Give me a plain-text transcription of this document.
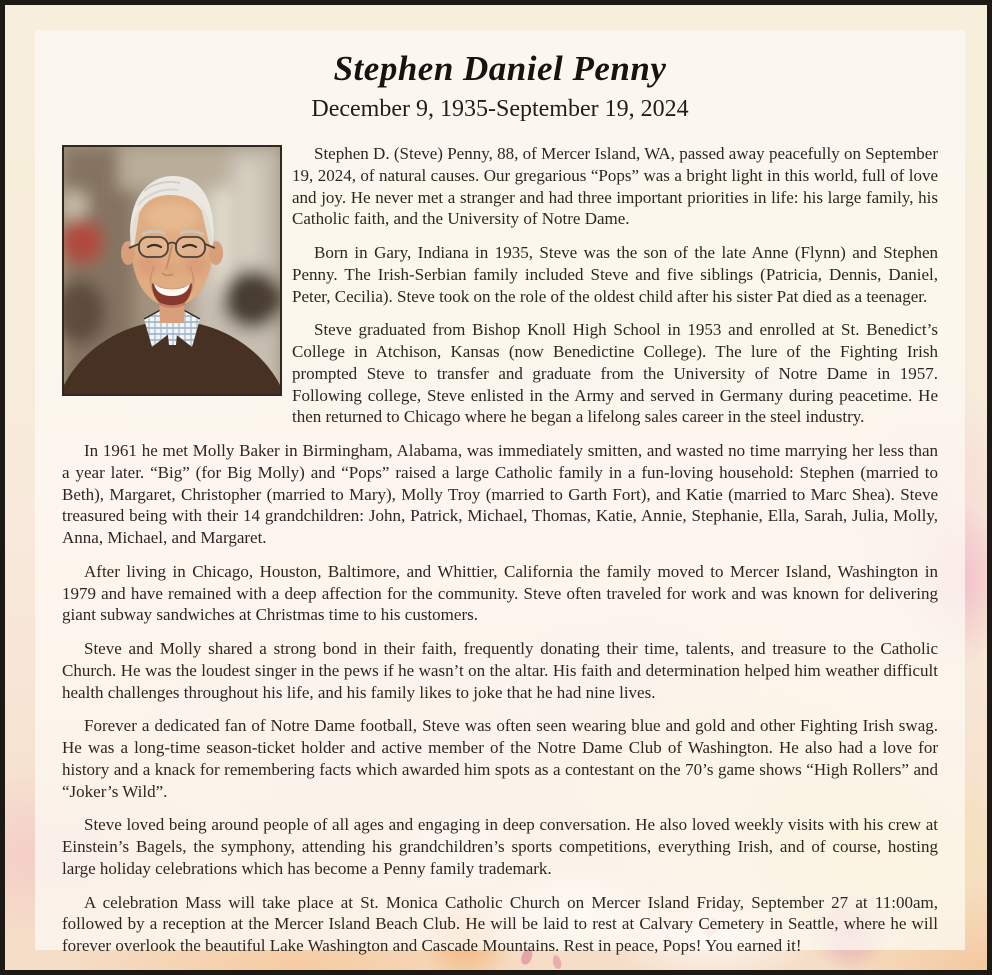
Stephen Daniel Penny
December 9, 1935-September 19, 2024

Stephen D. (Steve) Penny, 88, of Mercer Island, WA, passed away peacefully on September 19, 2024, of natural causes. Our gregarious “Pops” was a bright light in this world, full of love and joy. He never met a stranger and had three important priorities in life: his large family, his Catholic faith, and the University of Notre Dame.

Born in Gary, Indiana in 1935, Steve was the son of the late Anne (Flynn) and Stephen Penny. The Irish-Serbian family included Steve and five siblings (Patricia, Dennis, Daniel, Peter, Cecilia). Steve took on the role of the oldest child after his sister Pat died as a teenager.

Steve graduated from Bishop Knoll High School in 1953 and enrolled at St. Benedict’s College in Atchison, Kansas (now Benedictine College). The lure of the Fighting Irish prompted Steve to transfer and graduate from the University of Notre Dame in 1957. Following college, Steve enlisted in the Army and served in Germany during peacetime. He then returned to Chicago where he began a lifelong sales career in the steel industry.

In 1961 he met Molly Baker in Birmingham, Alabama, was immediately smitten, and wasted no time marrying her less than a year later. “Big” (for Big Molly) and “Pops” raised a large Catholic family in a fun-loving household: Stephen (married to Beth), Margaret, Christopher (married to Mary), Molly Troy (married to Garth Fort), and Katie (married to Marc Shea). Steve treasured being with their 14 grandchildren: John, Patrick, Michael, Thomas, Katie, Annie, Stephanie, Ella, Sarah, Julia, Molly, Anna, Michael, and Margaret.

After living in Chicago, Houston, Baltimore, and Whittier, California the family moved to Mercer Island, Washington in 1979 and have remained with a deep affection for the community. Steve often traveled for work and was known for delivering giant subway sandwiches at Christmas time to his customers.

Steve and Molly shared a strong bond in their faith, frequently donating their time, talents, and treasure to the Catholic Church. He was the loudest singer in the pews if he wasn’t on the altar. His faith and determination helped him weather difficult health challenges throughout his life, and his family likes to joke that he had nine lives.

Forever a dedicated fan of Notre Dame football, Steve was often seen wearing blue and gold and other Fighting Irish swag. He was a long-time season-ticket holder and active member of the Notre Dame Club of Washington. He also had a love for history and a knack for remembering facts which awarded him spots as a contestant on the 70’s game shows “High Rollers” and “Joker’s Wild”.

Steve loved being around people of all ages and engaging in deep conversation. He also loved weekly visits with his crew at Einstein’s Bagels, the symphony, attending his grandchildren’s sports competitions, everything Irish, and of course, hosting large holiday celebrations which has become a Penny family trademark.

A celebration Mass will take place at St. Monica Catholic Church on Mercer Island Friday, September 27 at 11:00am, followed by a reception at the Mercer Island Beach Club. He will be laid to rest at Calvary Cemetery in Seattle, where he will forever overlook the beautiful Lake Washington and Cascade Mountains. Rest in peace, Pops! You earned it!
